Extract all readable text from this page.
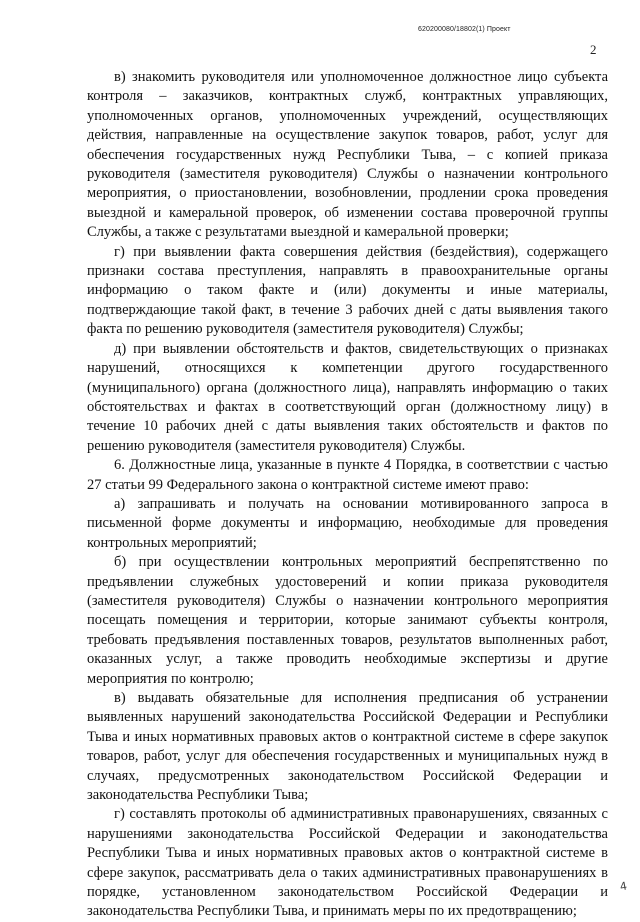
620200080/18802(1) Проект
2

в) знакомить руководителя или уполномоченное должностное лицо субъекта контроля – заказчиков, контрактных служб, контрактных управляющих, уполномоченных органов, уполномоченных учреждений, осуществляющих действия, направленные на осуществление закупок товаров, работ, услуг для обеспечения государственных нужд Республики Тыва, – с копией приказа руководителя (заместителя руководителя) Службы о назначении контрольного мероприятия, о приостановлении, возобновлении, продлении срока проведения выездной и камеральной проверок, об изменении состава проверочной группы Службы, а также с результатами выездной и камеральной проверки;

г) при выявлении факта совершения действия (бездействия), содержащего признаки состава преступления, направлять в правоохранительные органы информацию о таком факте и (или) документы и иные материалы, подтверждающие такой факт, в течение 3 рабочих дней с даты выявления такого факта по решению руководителя (заместителя руководителя) Службы;

д) при выявлении обстоятельств и фактов, свидетельствующих о признаках нарушений, относящихся к компетенции другого государственного (муниципального) органа (должностного лица), направлять информацию о таких обстоятельствах и фактах в соответствующий орган (должностному лицу) в течение 10 рабочих дней с даты выявления таких обстоятельств и фактов по решению руководителя (заместителя руководителя) Службы.

6. Должностные лица, указанные в пункте 4 Порядка, в соответствии с частью 27 статьи 99 Федерального закона о контрактной системе имеют право:

а) запрашивать и получать на основании мотивированного запроса в письменной форме документы и информацию, необходимые для проведения контрольных мероприятий;

б) при осуществлении контрольных мероприятий беспрепятственно по предъявлении служебных удостоверений и копии приказа руководителя (заместителя руководителя) Службы о назначении контрольного мероприятия посещать помещения и территории, которые занимают субъекты контроля, требовать предъявления поставленных товаров, результатов выполненных работ, оказанных услуг, а также проводить необходимые экспертизы и другие мероприятия по контролю;

в) выдавать обязательные для исполнения предписания об устранении выявленных нарушений законодательства Российской Федерации и Республики Тыва и иных нормативных правовых актов о контрактной системе в сфере закупок товаров, работ, услуг для обеспечения государственных и муниципальных нужд в случаях, предусмотренных законодательством Российской Федерации и законодательства Республики Тыва;

г) составлять протоколы об административных правонарушениях, связанных с нарушениями законодательства Российской Федерации и законодательства Республики Тыва и иных нормативных правовых актов о контрактной системе в сфере закупок, рассматривать дела о таких административных правонарушениях в порядке, установленном законодательством Российской Федерации и законодательства Республики Тыва, и принимать меры по их предотвращению;

4
